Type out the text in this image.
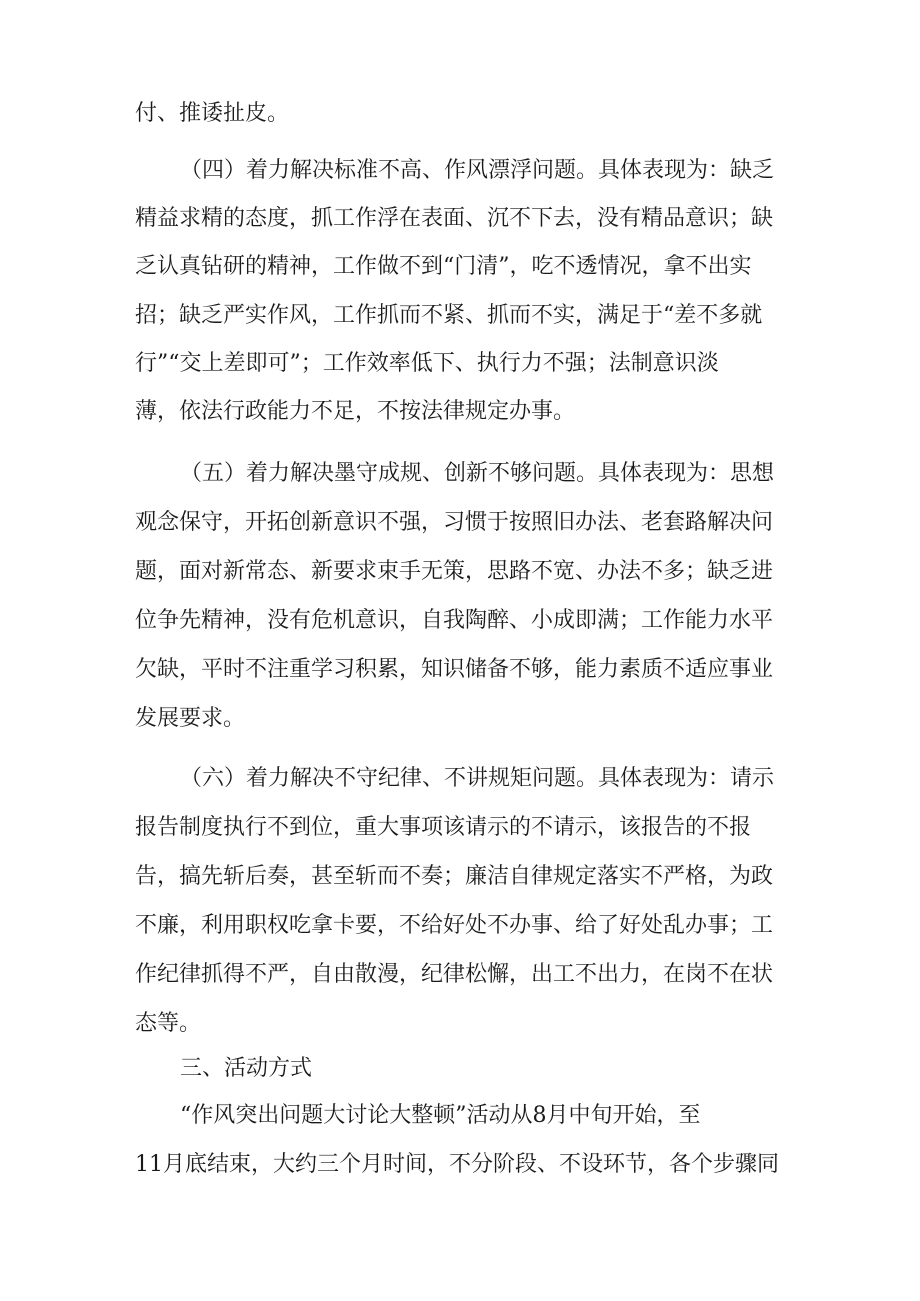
付、推诿扯皮。
（四）着力解决标准不高、作风漂浮问题。具体表现为：缺乏
精益求精的态度，抓工作浮在表面、沉不下去，没有精品意识；缺
乏认真钻研的精神，工作做不到“门清”，吃不透情况，拿不出实
招；缺乏严实作风，工作抓而不紧、抓而不实，满足于“差不多就
行”“交上差即可”；工作效率低下、执行力不强；法制意识淡
薄，依法行政能力不足，不按法律规定办事。
（五）着力解决墨守成规、创新不够问题。具体表现为：思想
观念保守，开拓创新意识不强，习惯于按照旧办法、老套路解决问
题，面对新常态、新要求束手无策，思路不宽、办法不多；缺乏进
位争先精神，没有危机意识，自我陶醉、小成即满；工作能力水平
欠缺，平时不注重学习积累，知识储备不够，能力素质不适应事业
发展要求。
（六）着力解决不守纪律、不讲规矩问题。具体表现为：请示
报告制度执行不到位，重大事项该请示的不请示，该报告的不报
告，搞先斩后奏，甚至斩而不奏；廉洁自律规定落实不严格，为政
不廉，利用职权吃拿卡要，不给好处不办事、给了好处乱办事；工
作纪律抓得不严，自由散漫，纪律松懈，出工不出力，在岗不在状
态等。
三、活动方式
“作风突出问题大讨论大整顿”活动从8月中旬开始，至
11月底结束，大约三个月时间，不分阶段、不设环节，各个步骤同
